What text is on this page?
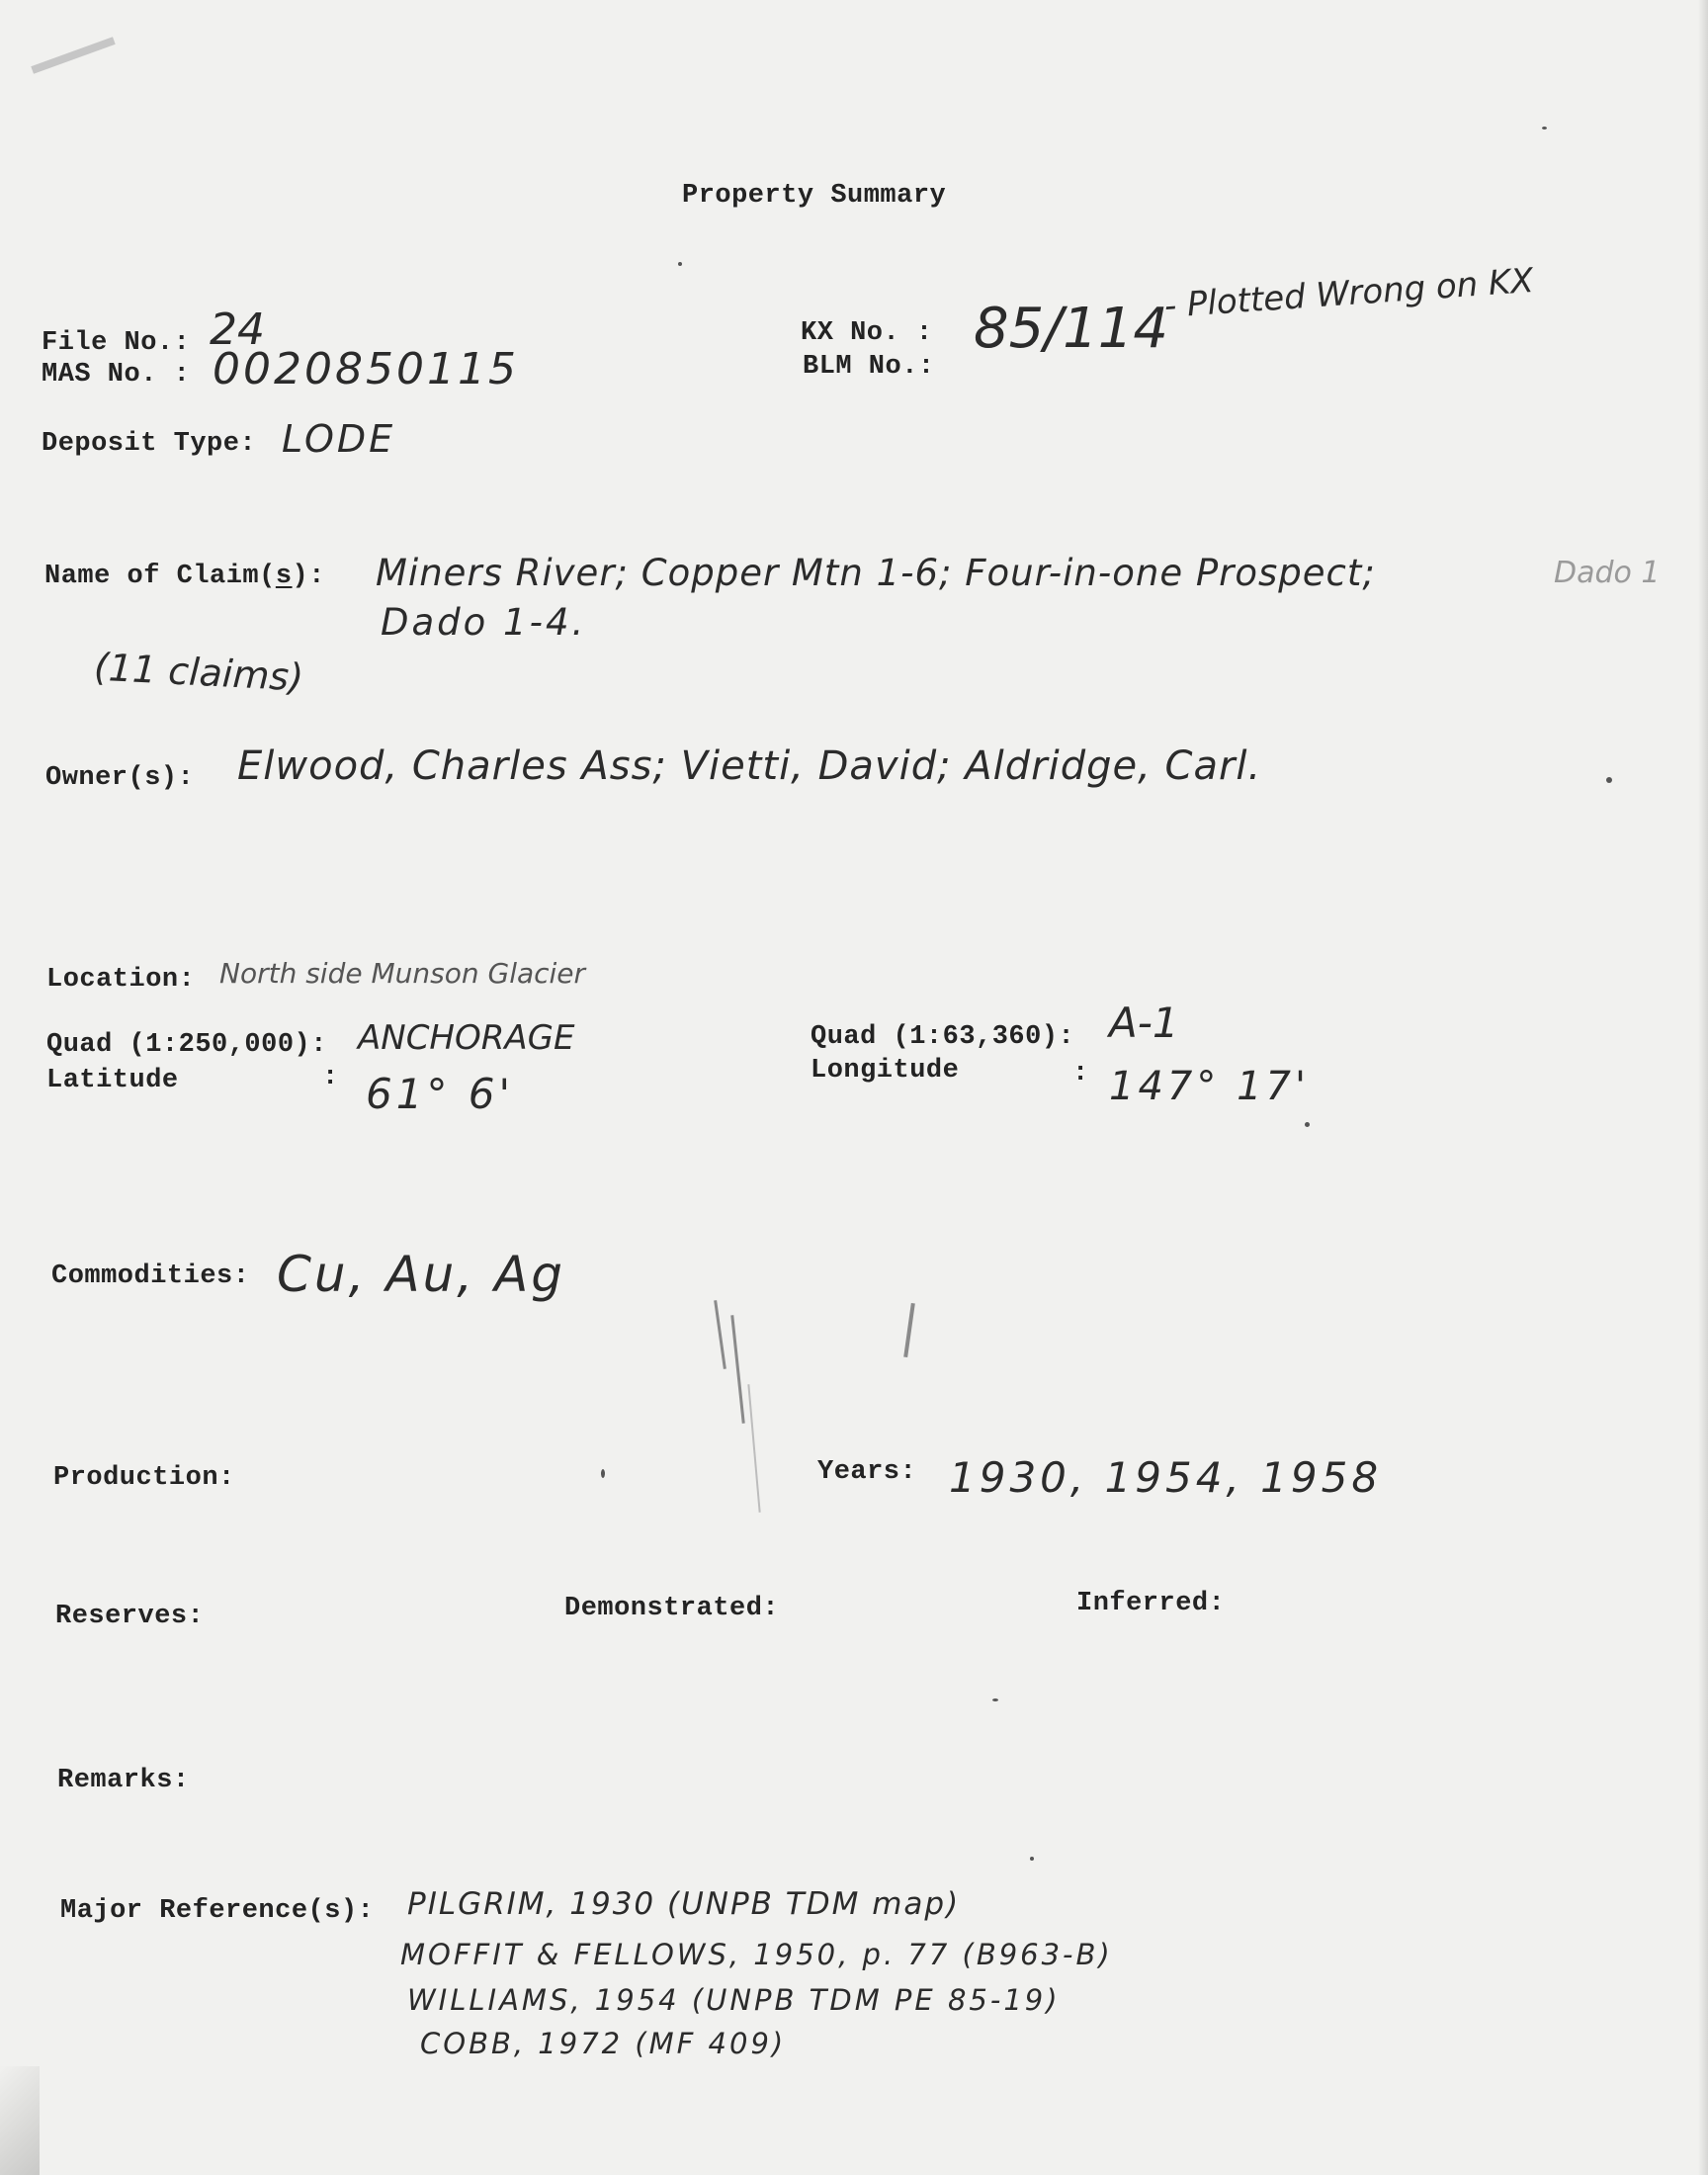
Property Summary
File No.: 24
MAS No. : 0020850115
KX No. : 85/114
- Plotted Wrong on KX
BLM No.:
Deposit Type: LODE
Name of Claim(s): Miners River; Copper Mtn 1-6; Four-in-one Prospect;	Dado 1
Dado 1-4.
(11 claims)
Owner(s): Elwood, Charles Ass; Vietti, David; Aldridge, Carl.
Location: North side Munson Glacier
Quad (1:250,000): ANCHORAGE
Latitude	: 61° 6'
Quad (1:63,360): A-1
Longitude	: 147° 17'
Commodities: Cu, Au, Ag
Production:	Years: 1930, 1954, 1958
Reserves:	Demonstrated:	Inferred:
Remarks:
Major Reference(s): PILGRIM, 1930 (UNPB TDM map)
MOFFIT & FELLOWS, 1950, p. 77 (B963-B)
WILLIAMS, 1954 (UNPB TDM PE 85-19)
COBB, 1972 (MF 409)
